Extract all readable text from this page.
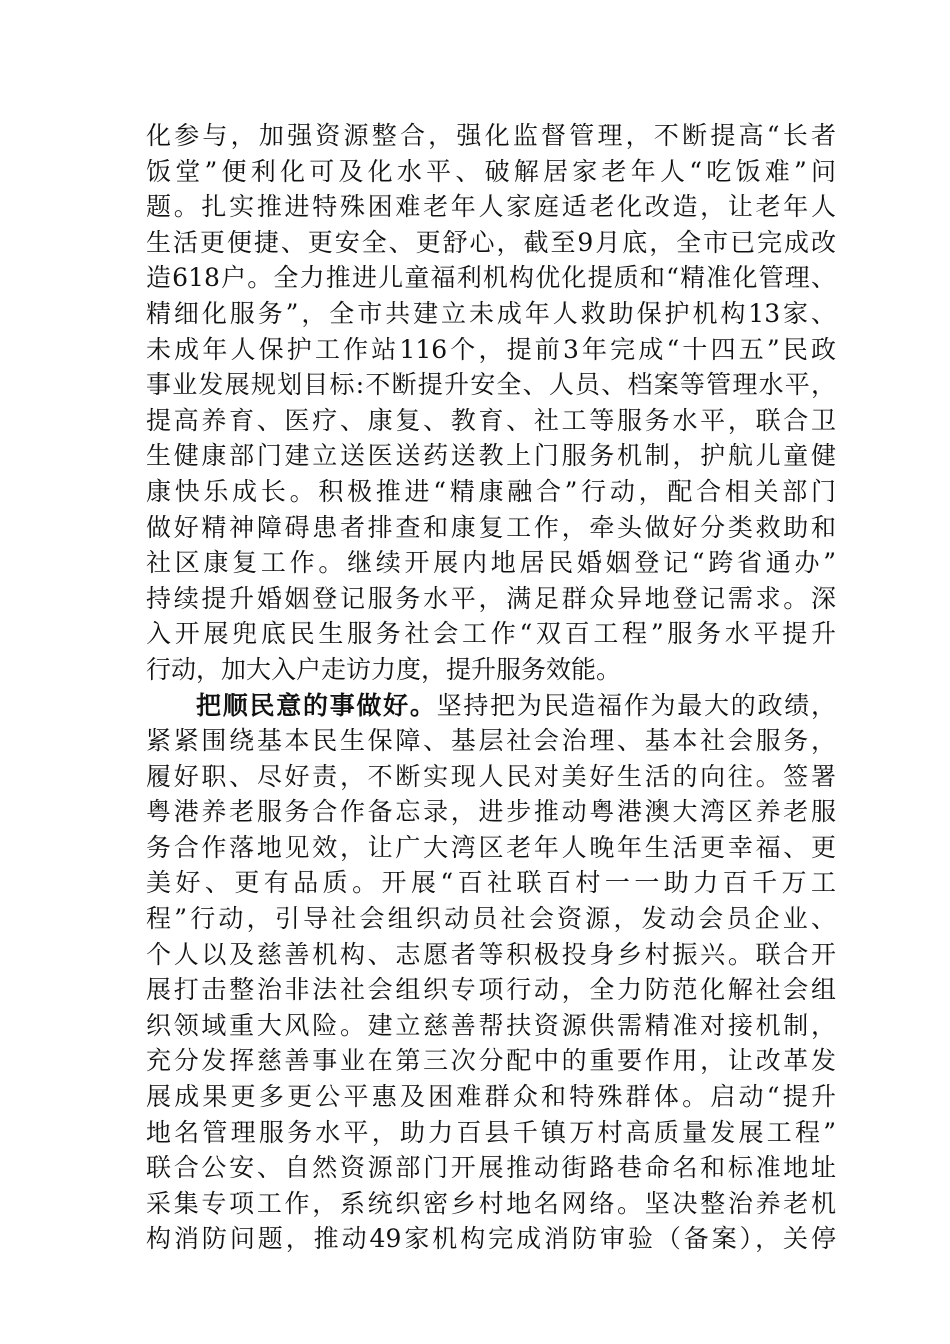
化参与，加强资源整合，强化监督管理，不断提高“长者
饭堂”便利化可及化水平、破解居家老年人“吃饭难”问
题。扎实推进特殊困难老年人家庭适老化改造，让老年人
生活更便捷、更安全、更舒心，截至9月底，全市已完成改
造618户。全力推进儿童福利机构优化提质和“精准化管理、
精细化服务”，全市共建立未成年人救助保护机构13家、
未成年人保护工作站116个，提前3年完成“十四五”民政
事业发展规划目标:不断提升安全、人员、档案等管理水平，
提高养育、医疗、康复、教育、社工等服务水平，联合卫
生健康部门建立送医送药送教上门服务机制，护航儿童健
康快乐成长。积极推进“精康融合”行动，配合相关部门
做好精神障碍患者排查和康复工作，牵头做好分类救助和
社区康复工作。继续开展内地居民婚姻登记“跨省通办”
持续提升婚姻登记服务水平，满足群众异地登记需求。深
入开展兜底民生服务社会工作“双百工程”服务水平提升
行动，加大入户走访力度，提升服务效能。
把顺民意的事做好。坚持把为民造福作为最大的政绩，
紧紧围绕基本民生保障、基层社会治理、基本社会服务，
履好职、尽好责，不断实现人民对美好生活的向往。签署
粤港养老服务合作备忘录，进步推动粤港澳大湾区养老服
务合作落地见效，让广大湾区老年人晚年生活更幸福、更
美好、更有品质。开展“百社联百村一一助力百千万工
程”行动，引导社会组织动员社会资源，发动会员企业、
个人以及慈善机构、志愿者等积极投身乡村振兴。联合开
展打击整治非法社会组织专项行动，全力防范化解社会组
织领域重大风险。建立慈善帮扶资源供需精准对接机制，
充分发挥慈善事业在第三次分配中的重要作用，让改革发
展成果更多更公平惠及困难群众和特殊群体。启动“提升
地名管理服务水平，助力百县千镇万村高质量发展工程”
联合公安、自然资源部门开展推动街路巷命名和标准地址
采集专项工作，系统织密乡村地名网络。坚决整治养老机
构消防问题，推动49家机构完成消防审验（备案），关停
